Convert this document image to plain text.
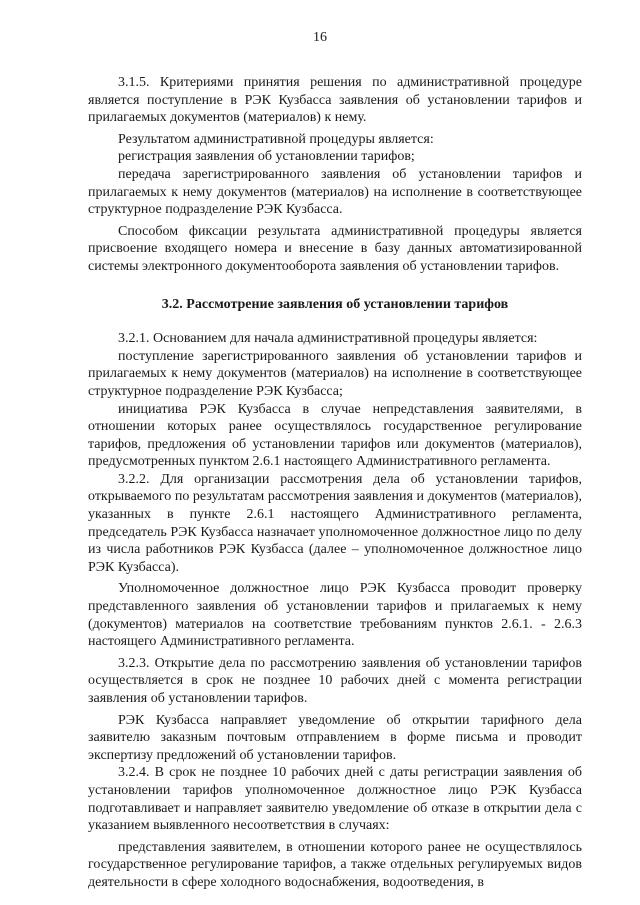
16

3.1.5. Критериями принятия решения по административной процедуре является поступление в РЭК Кузбасса заявления об установлении тарифов и прилагаемых документов (материалов) к нему.

Результатом административной процедуры является:

регистрация заявления об установлении тарифов;

передача зарегистрированного заявления об установлении тарифов и прилагаемых к нему документов (материалов) на исполнение в соответствующее структурное подразделение РЭК Кузбасса.

Способом фиксации результата административной процедуры является присвоение входящего номера и внесение в базу данных автоматизированной системы электронного документооборота заявления об установлении тарифов.

3.2. Рассмотрение заявления об установлении тарифов

3.2.1. Основанием для начала административной процедуры является:

поступление зарегистрированного заявления об установлении тарифов и прилагаемых к нему документов (материалов) на исполнение в соответствующее структурное подразделение РЭК Кузбасса;

инициатива РЭК Кузбасса в случае непредставления заявителями, в отношении которых ранее осуществлялось государственное регулирование тарифов, предложения об установлении тарифов или документов (материалов), предусмотренных пунктом 2.6.1 настоящего Административного регламента.

3.2.2. Для организации рассмотрения дела об установлении тарифов, открываемого по результатам рассмотрения заявления и документов (материалов), указанных в пункте 2.6.1 настоящего Административного регламента, председатель РЭК Кузбасса назначает уполномоченное должностное лицо по делу из числа работников РЭК Кузбасса (далее – уполномоченное должностное лицо РЭК Кузбасса).

Уполномоченное должностное лицо РЭК Кузбасса проводит проверку представленного заявления об установлении тарифов и прилагаемых к нему (документов) материалов на соответствие требованиям пунктов 2.6.1. - 2.6.3 настоящего Административного регламента.

3.2.3. Открытие дела по рассмотрению заявления об установлении тарифов осуществляется в срок не позднее 10 рабочих дней с момента регистрации заявления об установлении тарифов.

РЭК Кузбасса направляет уведомление об открытии тарифного дела заявителю заказным почтовым отправлением в форме письма и проводит экспертизу предложений об установлении тарифов.

3.2.4. В срок не позднее 10 рабочих дней с даты регистрации заявления об установлении тарифов уполномоченное должностное лицо РЭК Кузбасса подготавливает и направляет заявителю уведомление об отказе в открытии дела с указанием выявленного несоответствия в случаях:

представления заявителем, в отношении которого ранее не осуществлялось государственное регулирование тарифов, а также отдельных регулируемых видов деятельности в сфере холодного водоснабжения, водоотведения, в
